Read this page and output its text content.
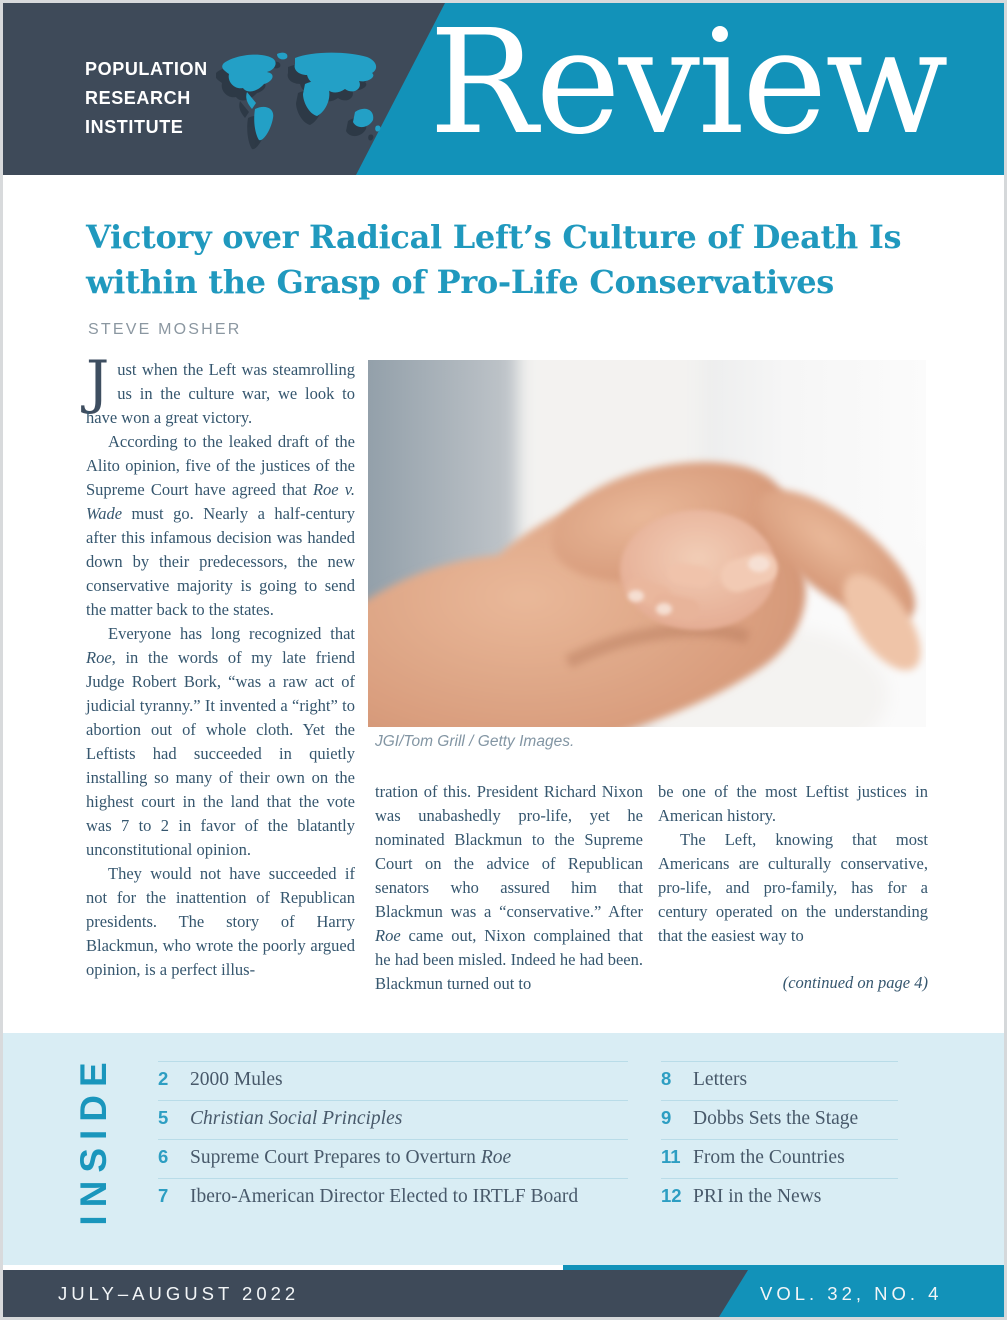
POPULATION
RESEARCH
INSTITUTE Review
Victory over Radical Left’s Culture of Death Is
within the Grasp of Pro-Life Conservatives
STEVE MOSHER

Just when the Left was steamrolling us in the culture war, we look to have won a great victory.

According to the leaked draft of the Alito opinion, five of the justices of the Supreme Court have agreed that Roe v. Wade must go. Nearly a half-century after this infamous decision was handed down by their predecessors, the new conservative majority is going to send the matter back to the states.

Everyone has long recognized that Roe, in the words of my late friend Judge Robert Bork, “was a raw act of judicial tyranny.” It invented a “right” to abortion out of whole cloth. Yet the Leftists had succeeded in quietly installing so many of their own on the highest court in the land that the vote was 7 to 2 in favor of the blatantly unconstitutional opinion.

They would not have succeeded if not for the inattention of Republican presidents. The story of Harry Blackmun, who wrote the poorly argued opinion, is a perfect illus-

JGI/Tom Grill / Getty Images.

tration of this. President Richard Nixon was unabashedly pro-life, yet he nominated Blackmun to the Supreme Court on the advice of Republican senators who assured him that Blackmun was a “conservative.” After Roe came out, Nixon complained that he had been misled. Indeed he had been. Blackmun turned out to

be one of the most Leftist justices in American history.

The Left, knowing that most Americans are culturally conservative, pro-life, and pro-family, has for a century operated on the understanding that the easiest way to

(continued on page 4)

INSIDE 2	2000 Mules
5	Christian Social Principles
6	Supreme Court Prepares to Overturn Roe
7	Ibero-American Director Elected to IRTLF Board
8	Letters
9	Dobbs Sets the Stage
11 From the Countries
12 PRI in the News
JULY–AUGUST 2022	VOL. 32, NO. 4
